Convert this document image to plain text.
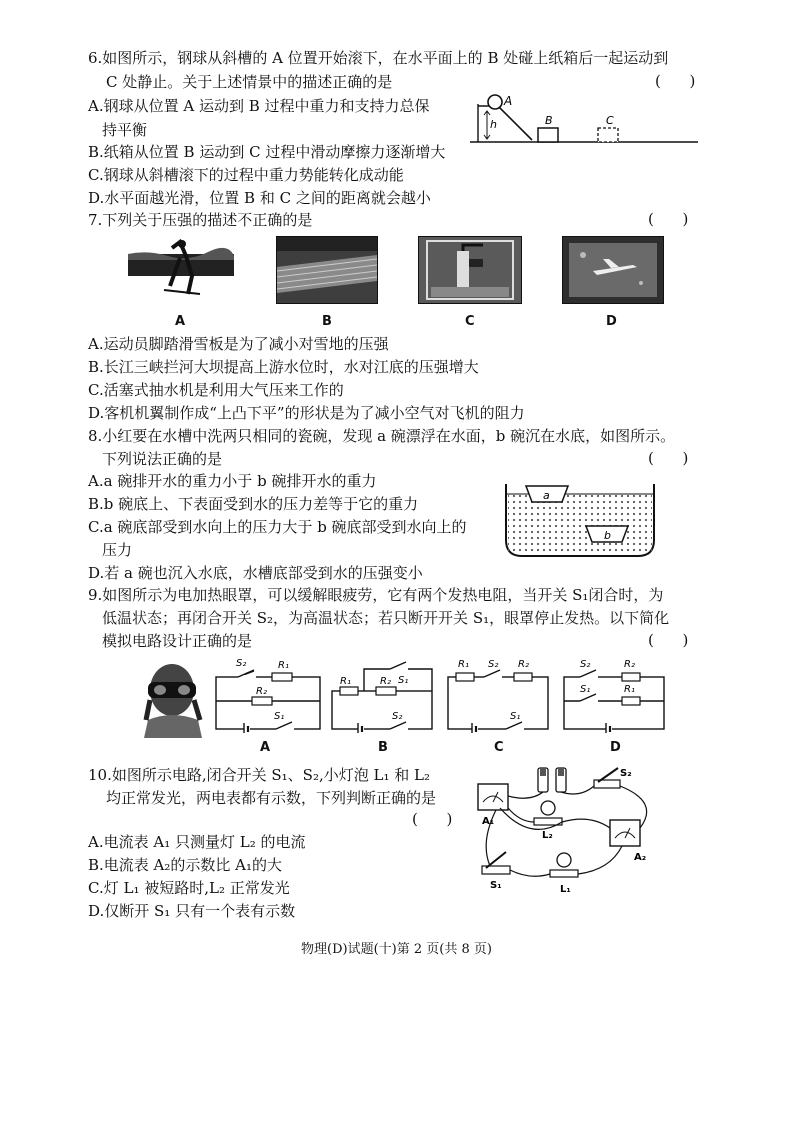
6.如图所示，钢球从斜槽的 A 位置开始滚下，在水平面上的 B 处碰上纸箱后一起运动到
C 处静止。关于上述情景中的描述正确的是	(      )
A.钢球从位置 A 运动到 B 过程中重力和支持力总保
持平衡
B.纸箱从位置 B 运动到 C 过程中滑动摩擦力逐渐增大
C.钢球从斜槽滚下的过程中重力势能转化成动能
D.水平面越光滑，位置 B 和 C 之间的距离就会越小
A
h	B	C
7.下列关于压强的描述不正确的是	(      )
A	B	C	D
A.运动员脚踏滑雪板是为了减小对雪地的压强
B.长江三峡拦河大坝提高上游水位时，水对江底的压强增大
C.活塞式抽水机是利用大气压来工作的
D.客机机翼制作成“上凸下平”的形状是为了减小空气对飞机的阻力
8.小红要在水槽中洗两只相同的瓷碗，发现 a 碗漂浮在水面，b 碗沉在水底，如图所示。
下列说法正确的是	(      )
A.a 碗排开水的重力小于 b 碗排开水的重力
B.b 碗底上、下表面受到水的压力差等于它的重力
C.a 碗底部受到水向上的压力大于 b 碗底部受到水向上的
压力
D.若 a 碗也沉入水底，水槽底部受到水的压强变小
a
b
9.如图所示为电加热眼罩，可以缓解眼疲劳，它有两个发热电阻，当开关 S₁闭合时，为
低温状态；再闭合开关 S₂，为高温状态；若只断开开关 S₁，眼罩停止发热。以下简化
模拟电路设计正确的是	(      )
S₂	R₁
R₂
S₁
R₁	R₂ S₁
S₂
R₁ S₂ R₂
S₁
S₂	R₂
S₁	R₁
A	B	C	D
10.如图所示电路,闭合开关 S₁、S₂,小灯泡 L₁ 和 L₂
均正常发光，两电表都有示数，下列判断正确的是
(      )
A.电流表 A₁ 只测量灯 L₂ 的电流
B.电流表 A₂的示数比 A₁的大
C.灯 L₁ 被短路时,L₂ 正常发光
D.仅断开 S₁ 只有一个表有示数
A₁
A₂
L₂
L₁
S₁
S₂
物理(D)试题(十)第 2 页(共 8 页)
